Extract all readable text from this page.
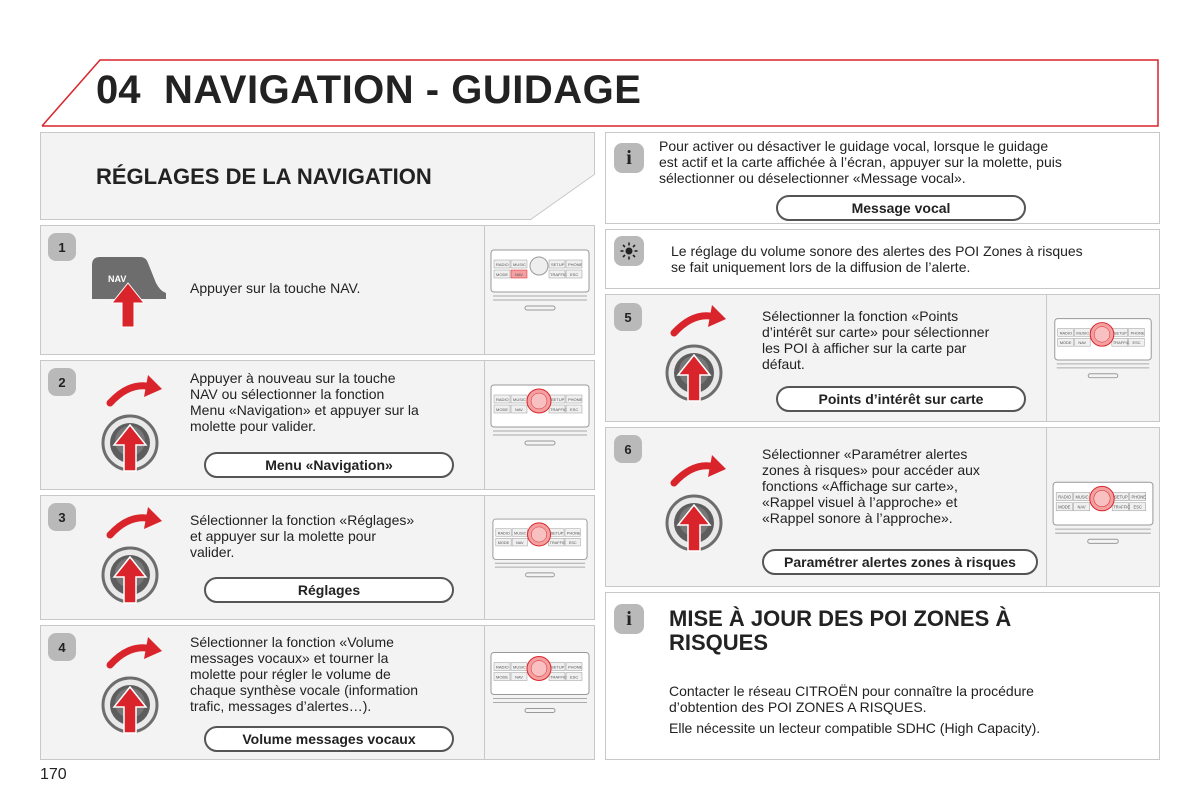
04 NAVIGATION - GUIDAGE
RÉGLAGES DE LA NAVIGATION
1
NAV
Appuyer sur la touche NAV.
2	Appuyer à nouveau sur la touche
NAV ou sélectionner la fonction
Menu «Navigation» et appuyer sur la
molette pour valider.
Menu «Navigation»
3	Sélectionner la fonction «Réglages»
et appuyer sur la molette pour
valider.
Réglages
4	Sélectionner la fonction «Volume
messages vocaux» et tourner la
molette pour régler le volume de
chaque synthèse vocale (information
trafic, messages d’alertes…).
Volume messages vocaux
i
Pour activer ou désactiver le guidage vocal, lorsque le guidage
est actif et la carte affichée à l’écran, appuyer sur la molette, puis
sélectionner ou déselectionner «Message vocal».
Message vocal
Le réglage du volume sonore des alertes des POI Zones à risques
se fait uniquement lors de la diffusion de l’alerte.
5	Sélectionner la fonction «Points
d’intérêt sur carte» pour sélectionner
les POI à afficher sur la carte par
défaut.
Points d’intérêt sur carte
6	Sélectionner «Paramétrer alertes
zones à risques» pour accéder aux
fonctions «Affichage sur carte»,
«Rappel visuel à l’approche» et
«Rappel sonore à l’approche».
Paramétrer alertes zones à risques
i	MISE À JOUR DES POI ZONES À
RISQUES
Contacter le réseau CITROËN pour connaître la procédure
d’obtention des POI ZONES A RISQUES.
Elle nécessite un lecteur compatible SDHC (High Capacity).
170
